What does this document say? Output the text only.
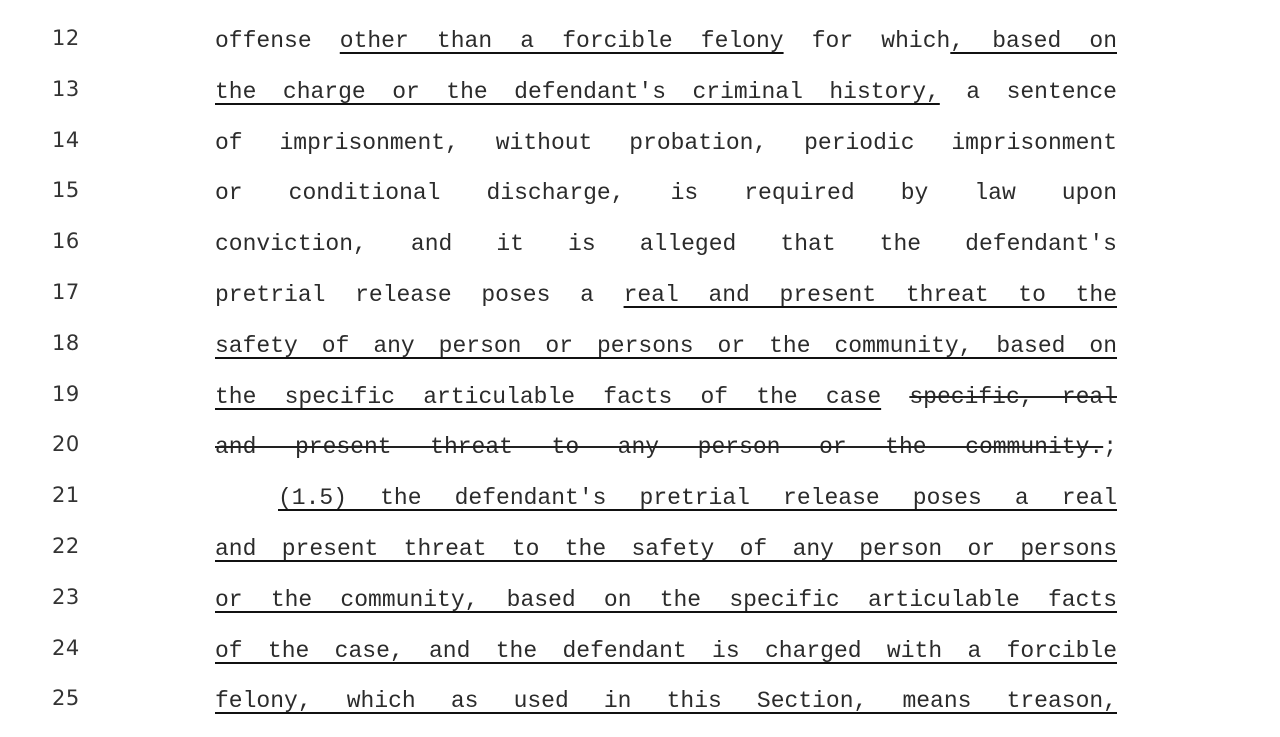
12	offense other than a forcible felony for which, based on
13	the charge or the defendant's criminal history, a sentence
14	of imprisonment, without probation, periodic imprisonment
15	or conditional discharge, is required by law upon
16	conviction, and it is alleged that the defendant's
17	pretrial release poses a real and present threat to the
18	safety of any person or persons or the community, based on
19	the specific articulable facts of the case specific, real
20	and present threat to any person or the community.;
21	(1.5) the defendant's pretrial release poses a real
22	and present threat to the safety of any person or persons
23	or the community, based on the specific articulable facts
24	of the case, and the defendant is charged with a forcible
25	felony, which as used in this Section, means treason,
